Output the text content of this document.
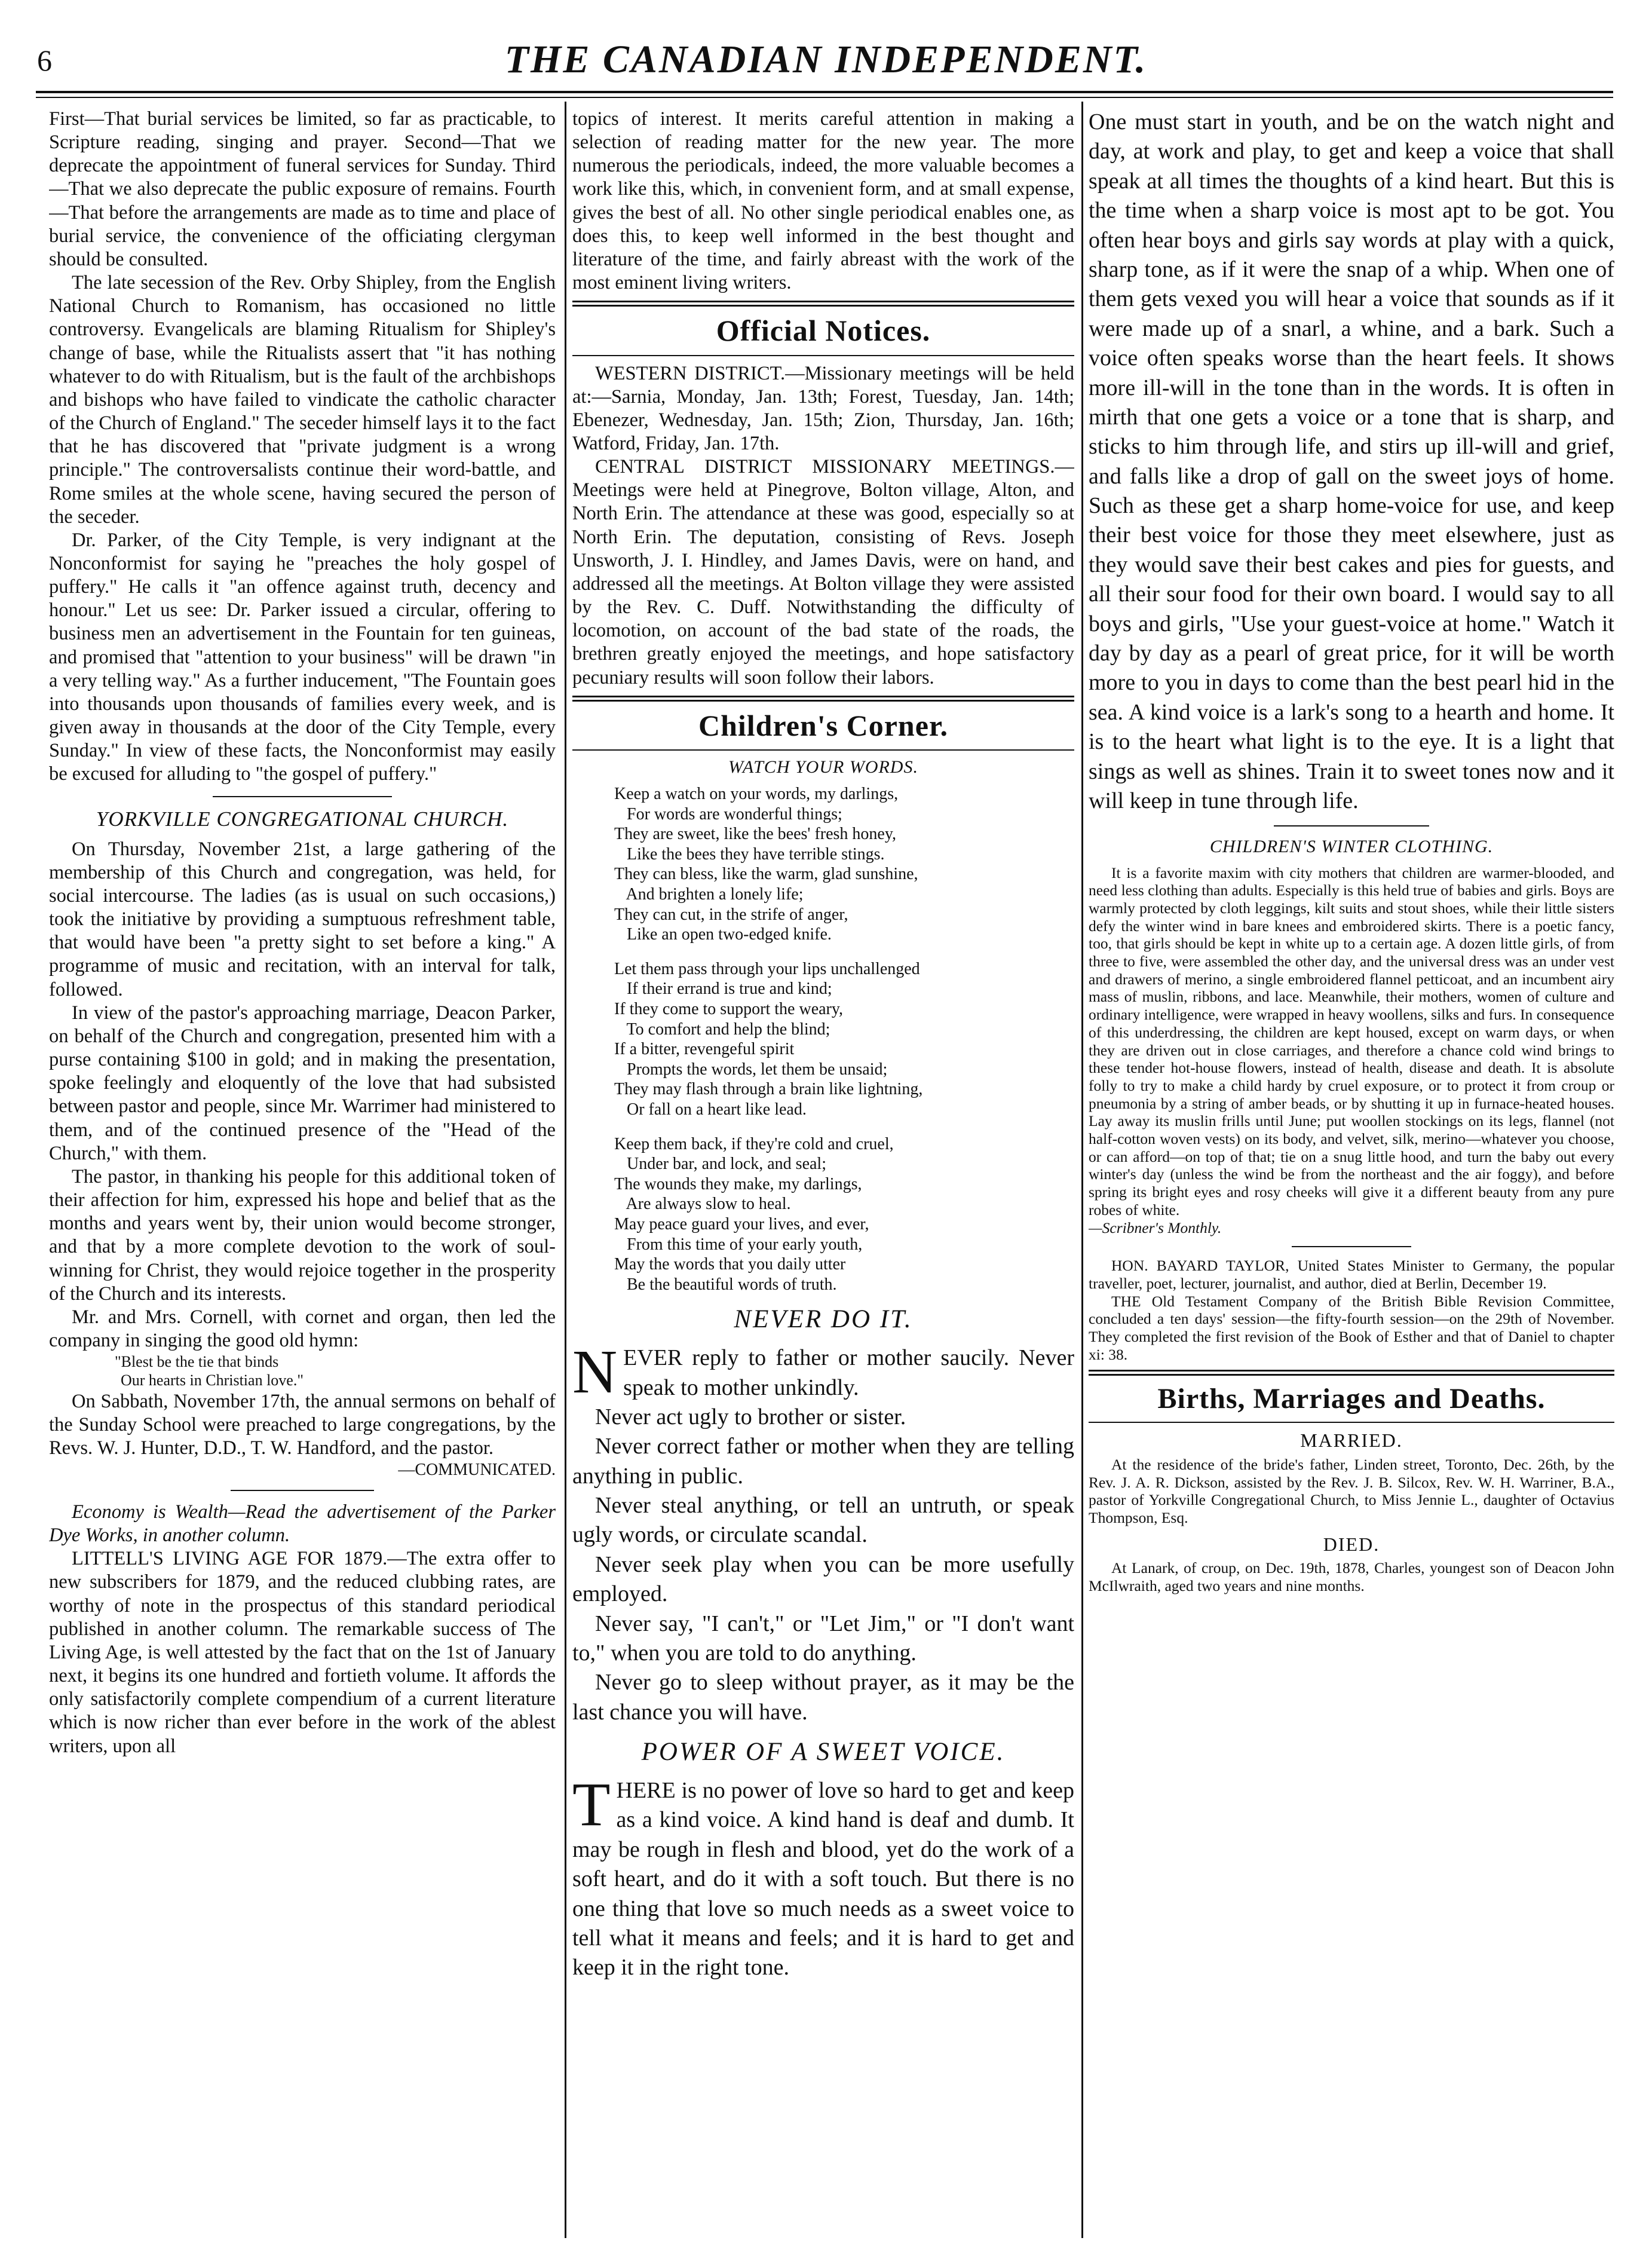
6	THE CANADIAN INDEPENDENT.

First—That burial services be limited, so far as practicable, to Scripture reading, singing and prayer. Second—That we deprecate the appointment of funeral services for Sunday. Third—That we also deprecate the public exposure of remains. Fourth—That before the arrangements are made as to time and place of burial service, the convenience of the officiating clergyman should be consulted.

The late secession of the Rev. Orby Shipley, from the English National Church to Romanism, has occasioned no little controversy. Evangelicals are blaming Ritualism for Shipley's change of base, while the Ritualists assert that "it has nothing whatever to do with Ritualism, but is the fault of the archbishops and bishops who have failed to vindicate the catholic character of the Church of England." The seceder himself lays it to the fact that he has discovered that "private judgment is a wrong principle." The controversalists continue their word-battle, and Rome smiles at the whole scene, having secured the person of the seceder.

Dr. Parker, of the City Temple, is very indignant at the Nonconformist for saying he "preaches the holy gospel of puffery." He calls it "an offence against truth, decency and honour." Let us see: Dr. Parker issued a circular, offering to business men an advertisement in the Fountain for ten guineas, and promised that "attention to your business" will be drawn "in a very telling way." As a further inducement, "The Fountain goes into thousands upon thousands of families every week, and is given away in thousands at the door of the City Temple, every Sunday." In view of these facts, the Nonconformist may easily be excused for alluding to "the gospel of puffery."

YORKVILLE CONGREGATIONAL CHURCH.

On Thursday, November 21st, a large gathering of the membership of this Church and congregation, was held, for social intercourse. The ladies (as is usual on such occasions,) took the initiative by providing a sumptuous refreshment table, that would have been "a pretty sight to set before a king." A programme of music and recitation, with an interval for talk, followed.

In view of the pastor's approaching marriage, Deacon Parker, on behalf of the Church and congregation, presented him with a purse containing $100 in gold; and in making the presentation, spoke feelingly and eloquently of the love that had subsisted between pastor and people, since Mr. Warrimer had ministered to them, and of the continued presence of the "Head of the Church," with them.

The pastor, in thanking his people for this additional token of their affection for him, expressed his hope and belief that as the months and years went by, their union would become stronger, and that by a more complete devotion to the work of soul-winning for Christ, they would rejoice together in the prosperity of the Church and its interests.

Mr. and Mrs. Cornell, with cornet and organ, then led the company in singing the good old hymn:

"Blest be the tie that binds

Our hearts in Christian love."

On Sabbath, November 17th, the annual sermons on behalf of the Sunday School were preached to large congregations, by the Revs. W. J. Hunter, D.D., T. W. Handford, and the pastor.

—COMMUNICATED.

Economy is Wealth—Read the advertisement of the Parker Dye Works, in another column.

LITTELL'S LIVING AGE FOR 1879.—The extra offer to new subscribers for 1879, and the reduced clubbing rates, are worthy of note in the prospectus of this standard periodical published in another column. The remarkable success of The Living Age, is well attested by the fact that on the 1st of January next, it begins its one hundred and fortieth volume. It affords the only satisfactorily complete compendium of a current literature which is now richer than ever before in the work of the ablest writers, upon all

topics of interest. It merits careful attention in making a selection of reading matter for the new year. The more numerous the periodicals, indeed, the more valuable becomes a work like this, which, in convenient form, and at small expense, gives the best of all. No other single periodical enables one, as does this, to keep well informed in the best thought and literature of the time, and fairly abreast with the work of the most eminent living writers.

Official Notices.

WESTERN DISTRICT.—Missionary meetings will be held at:—Sarnia, Monday, Jan. 13th; Forest, Tuesday, Jan. 14th; Ebenezer, Wednesday, Jan. 15th; Zion, Thursday, Jan. 16th; Watford, Friday, Jan. 17th.

CENTRAL DISTRICT MISSIONARY MEETINGS.—Meetings were held at Pinegrove, Bolton village, Alton, and North Erin. The attendance at these was good, especially so at North Erin. The deputation, consisting of Revs. Joseph Unsworth, J. I. Hindley, and James Davis, were on hand, and addressed all the meetings. At Bolton village they were assisted by the Rev. C. Duff. Notwithstanding the difficulty of locomotion, on account of the bad state of the roads, the brethren greatly enjoyed the meetings, and hope satisfactory pecuniary results will soon follow their labors.

Children's Corner.
WATCH YOUR WORDS.
Keep a watch on your words, my darlings,
For words are wonderful things;
They are sweet, like the bees' fresh honey,
Like the bees they have terrible stings.
They can bless, like the warm, glad sunshine,
And brighten a lonely life;
They can cut, in the strife of anger,
Like an open two-edged knife.
Let them pass through your lips unchallenged
If their errand is true and kind;
If they come to support the weary,
To comfort and help the blind;
If a bitter, revengeful spirit
Prompts the words, let them be unsaid;
They may flash through a brain like lightning,
Or fall on a heart like lead.
Keep them back, if they're cold and cruel,
Under bar, and lock, and seal;
The wounds they make, my darlings,
Are always slow to heal.
May peace guard your lives, and ever,
From this time of your early youth,
May the words that you daily utter
Be the beautiful words of truth.
NEVER DO IT.

NEVER reply to father or mother saucily. Never speak to mother unkindly.

Never act ugly to brother or sister.

Never correct father or mother when they are telling anything in public.

Never steal anything, or tell an untruth, or speak ugly words, or circulate scandal.

Never seek play when you can be more usefully employed.

Never say, "I can't," or "Let Jim," or "I don't want to," when you are told to do anything.

Never go to sleep without prayer, as it may be the last chance you will have.

POWER OF A SWEET VOICE.

THERE is no power of love so hard to get and keep as a kind voice. A kind hand is deaf and dumb. It may be rough in flesh and blood, yet do the work of a soft heart, and do it with a soft touch. But there is no one thing that love so much needs as a sweet voice to tell what it means and feels; and it is hard to get and keep it in the right tone.

One must start in youth, and be on the watch night and day, at work and play, to get and keep a voice that shall speak at all times the thoughts of a kind heart. But this is the time when a sharp voice is most apt to be got. You often hear boys and girls say words at play with a quick, sharp tone, as if it were the snap of a whip. When one of them gets vexed you will hear a voice that sounds as if it were made up of a snarl, a whine, and a bark. Such a voice often speaks worse than the heart feels. It shows more ill-will in the tone than in the words. It is often in mirth that one gets a voice or a tone that is sharp, and sticks to him through life, and stirs up ill-will and grief, and falls like a drop of gall on the sweet joys of home. Such as these get a sharp home-voice for use, and keep their best voice for those they meet elsewhere, just as they would save their best cakes and pies for guests, and all their sour food for their own board. I would say to all boys and girls, "Use your guest-voice at home." Watch it day by day as a pearl of great price, for it will be worth more to you in days to come than the best pearl hid in the sea. A kind voice is a lark's song to a hearth and home. It is to the heart what light is to the eye. It is a light that sings as well as shines. Train it to sweet tones now and it will keep in tune through life.

CHILDREN'S WINTER CLOTHING.

It is a favorite maxim with city mothers that children are warmer-blooded, and need less clothing than adults. Especially is this held true of babies and girls. Boys are warmly protected by cloth leggings, kilt suits and stout shoes, while their little sisters defy the winter wind in bare knees and embroidered skirts. There is a poetic fancy, too, that girls should be kept in white up to a certain age. A dozen little girls, of from three to five, were assembled the other day, and the universal dress was an under vest and drawers of merino, a single embroidered flannel petticoat, and an incumbent airy mass of muslin, ribbons, and lace. Meanwhile, their mothers, women of culture and ordinary intelligence, were wrapped in heavy woollens, silks and furs. In consequence of this underdressing, the children are kept housed, except on warm days, or when they are driven out in close carriages, and therefore a chance cold wind brings to these tender hot-house flowers, instead of health, disease and death. It is absolute folly to try to make a child hardy by cruel exposure, or to protect it from croup or pneumonia by a string of amber beads, or by shutting it up in furnace-heated houses. Lay away its muslin frills until June; put woollen stockings on its legs, flannel (not half-cotton woven vests) on its body, and velvet, silk, merino—whatever you choose, or can afford—on top of that; tie on a snug little hood, and turn the baby out every winter's day (unless the wind be from the northeast and the air foggy), and before spring its bright eyes and rosy cheeks will give it a different beauty from any pure robes of white.

—Scribner's Monthly.

HON. BAYARD TAYLOR, United States Minister to Germany, the popular traveller, poet, lecturer, journalist, and author, died at Berlin, December 19.

THE Old Testament Company of the British Bible Revision Committee, concluded a ten days' session—the fifty-fourth session—on the 29th of November. They completed the first revision of the Book of Esther and that of Daniel to chapter xi: 38.

Births, Marriages and Deaths.
MARRIED.

At the residence of the bride's father, Linden street, Toronto, Dec. 26th, by the Rev. J. A. R. Dickson, assisted by the Rev. J. B. Silcox, Rev. W. H. Warriner, B.A., pastor of Yorkville Congregational Church, to Miss Jennie L., daughter of Octavius Thompson, Esq.

DIED.

At Lanark, of croup, on Dec. 19th, 1878, Charles, youngest son of Deacon John McIlwraith, aged two years and nine months.
